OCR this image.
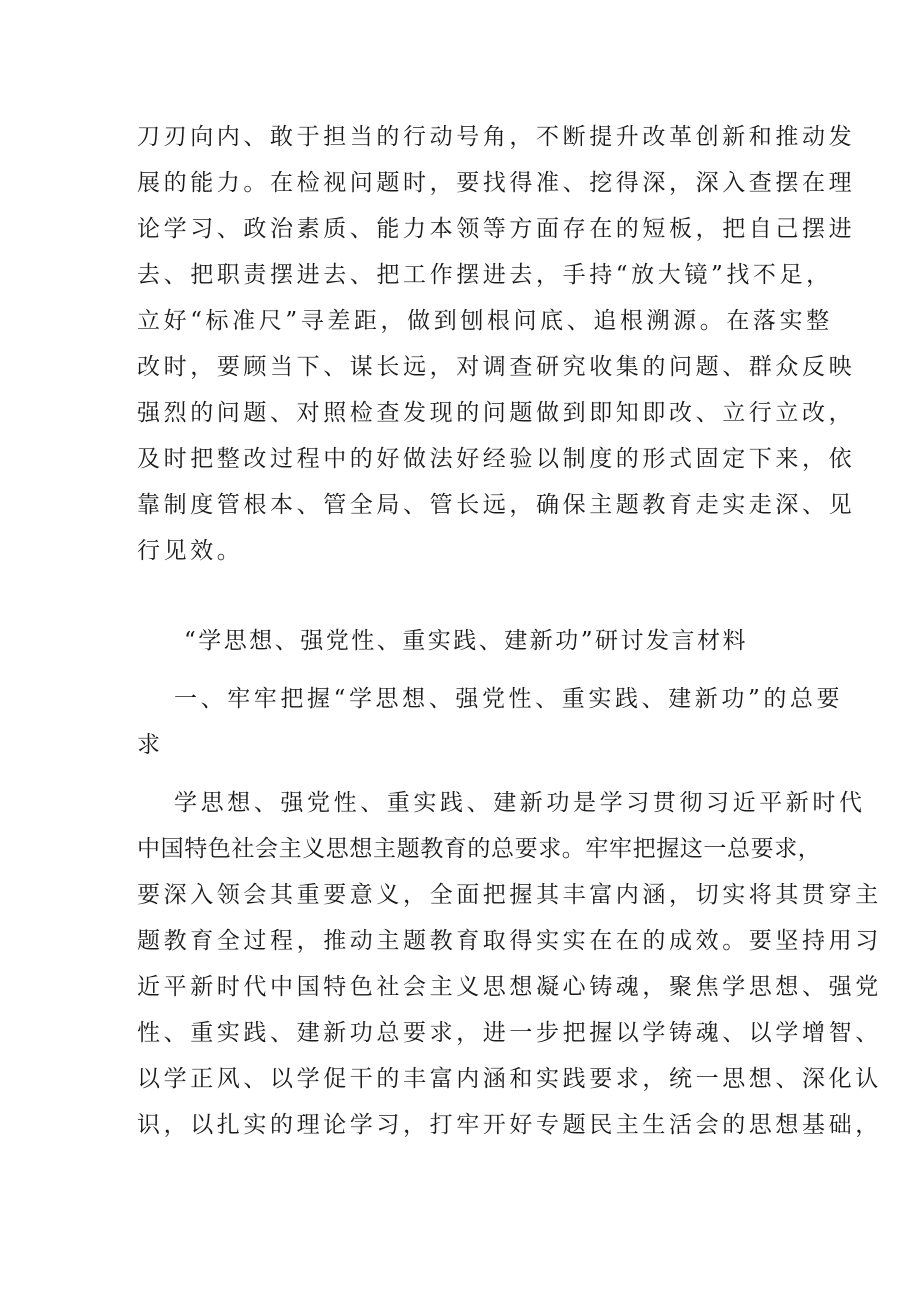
刀刃向内、敢于担当的行动号角，不断提升改革创新和推动发
展的能力。在检视问题时，要找得准、挖得深，深入查摆在理
论学习、政治素质、能力本领等方面存在的短板，把自己摆进
去、把职责摆进去、把工作摆进去，手持“放大镜”找不足，
立好“标准尺”寻差距，做到刨根问底、追根溯源。在落实整
改时，要顾当下、谋长远，对调查研究收集的问题、群众反映
强烈的问题、对照检查发现的问题做到即知即改、立行立改，
及时把整改过程中的好做法好经验以制度的形式固定下来，依
靠制度管根本、管全局、管长远，确保主题教育走实走深、见
行见效。
“学思想、强党性、重实践、建新功”研讨发言材料
一、牢牢把握“学思想、强党性、重实践、建新功”的总要
求
学思想、强党性、重实践、建新功是学习贯彻习近平新时代
中国特色社会主义思想主题教育的总要求。牢牢把握这一总要求，
要深入领会其重要意义，全面把握其丰富内涵，切实将其贯穿主
题教育全过程，推动主题教育取得实实在在的成效。要坚持用习
近平新时代中国特色社会主义思想凝心铸魂，聚焦学思想、强党
性、重实践、建新功总要求，进一步把握以学铸魂、以学增智、
以学正风、以学促干的丰富内涵和实践要求，统一思想、深化认
识，以扎实的理论学习，打牢开好专题民主生活会的思想基础，
